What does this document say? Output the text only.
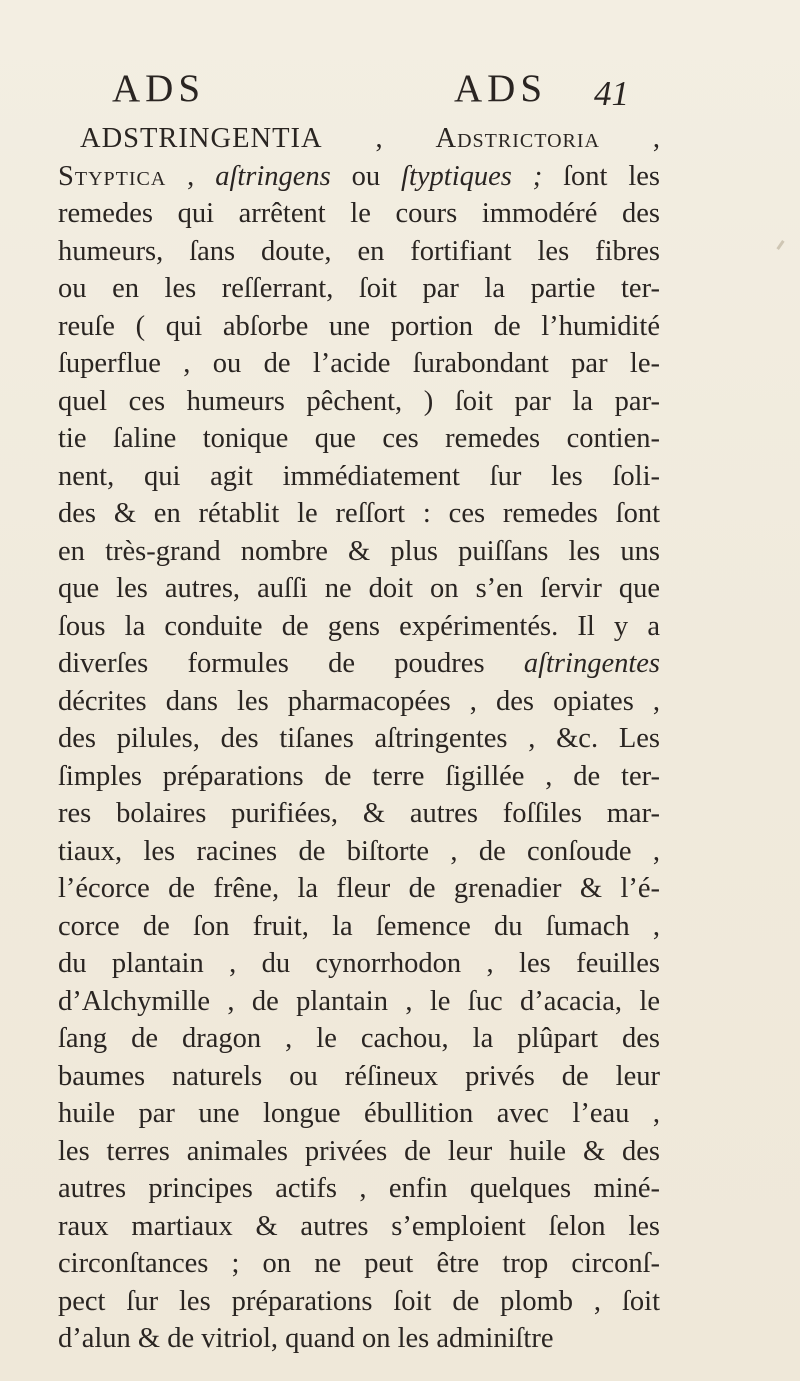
ADS	ADS 41
ADSTRINGENTIA , Adstrictoria ,
Styptica , aſtringens ou ſtyptiques ; ſont les
remedes qui arrêtent le cours immodéré des
humeurs, ſans doute, en fortifiant les fibres
ou en les reſſerrant, ſoit par la partie ter-
reuſe ( qui abſorbe une portion de l’humidité
ſuperflue , ou de l’acide ſurabondant par le-
quel ces humeurs pêchent, ) ſoit par la par-
tie ſaline tonique que ces remedes contien-
nent, qui agit immédiatement ſur les ſoli-
des & en rétablit le reſſort : ces remedes ſont
en très-grand nombre & plus puiſſans les uns
que les autres, auſſi ne doit on s’en ſervir que
ſous la conduite de gens expérimentés. Il y a
diverſes formules de poudres aſtringentes
décrites dans les pharmacopées , des opiates ,
des pilules, des tiſanes aſtringentes , &c. Les
ſimples préparations de terre ſigillée , de ter-
res bolaires purifiées, & autres foſſiles mar-
tiaux, les racines de biſtorte , de conſoude ,
l’écorce de frêne, la fleur de grenadier & l’é-
corce de ſon fruit, la ſemence du ſumach ,
du plantain , du cynorrhodon , les feuilles
d’Alchymille , de plantain , le ſuc d’acacia, le
ſang de dragon , le cachou, la plûpart des
baumes naturels ou réſineux privés de leur
huile par une longue ébullition avec l’eau ,
les terres animales privées de leur huile & des
autres principes actifs , enfin quelques miné-
raux martiaux & autres s’emploient ſelon les
circonſtances ; on ne peut être trop circonſ-
pect ſur les préparations ſoit de plomb , ſoit
d’alun & de vitriol, quand on les adminiſtre
